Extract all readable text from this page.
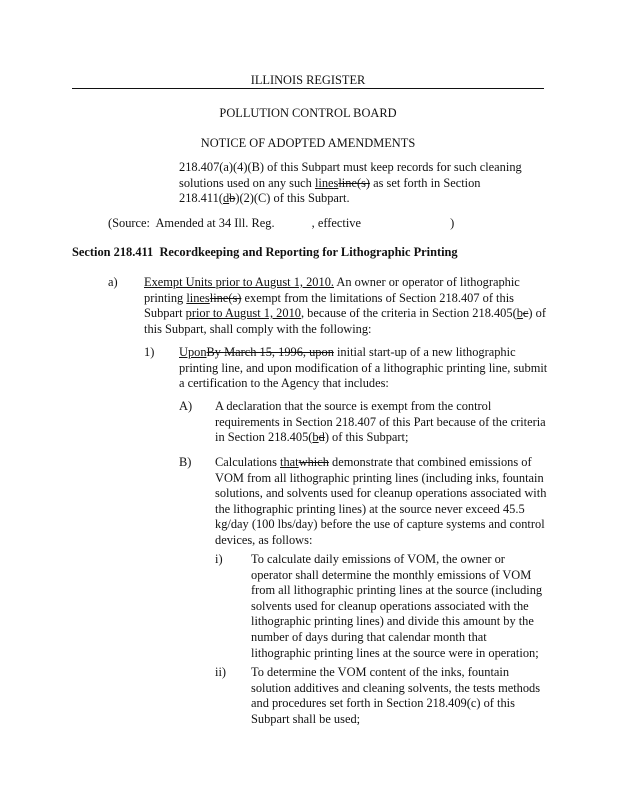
ILLINOIS REGISTER
POLLUTION CONTROL BOARD
NOTICE OF ADOPTED AMENDMENTS
218.407(a)(4)(B) of this Subpart must keep records for such cleaning
solutions used on any such linesline(s) as set forth in Section
218.411(db)(2)(C) of this Subpart.
(Source:  Amended at 34 Ill. Reg.	, effective	)
Section 218.411 Recordkeeping and Reporting for Lithographic Printing
a) Exempt Units prior to August 1, 2010. An owner or operator of lithographic
printing linesline(s) exempt from the limitations of Section 218.407 of this
Subpart prior to August 1, 2010, because of the criteria in Section 218.405(bc) of
this Subpart, shall comply with the following:
1) UponBy March 15, 1996, upon initial start-up of a new lithographic
printing line, and upon modification of a lithographic printing line, submit
a certification to the Agency that includes:
A) A declaration that the source is exempt from the control
requirements in Section 218.407 of this Part because of the criteria
in Section 218.405(bd) of this Subpart;
B) Calculations thatwhich demonstrate that combined emissions of
VOM from all lithographic printing lines (including inks, fountain
solutions, and solvents used for cleanup operations associated with
the lithographic printing lines) at the source never exceed 45.5
kg/day (100 lbs/day) before the use of capture systems and control
devices, as follows:
i) To calculate daily emissions of VOM, the owner or
operator shall determine the monthly emissions of VOM
from all lithographic printing lines at the source (including
solvents used for cleanup operations associated with the
lithographic printing lines) and divide this amount by the
number of days during that calendar month that
lithographic printing lines at the source were in operation;
ii) To determine the VOM content of the inks, fountain
solution additives and cleaning solvents, the tests methods
and procedures set forth in Section 218.409(c) of this
Subpart shall be used;
